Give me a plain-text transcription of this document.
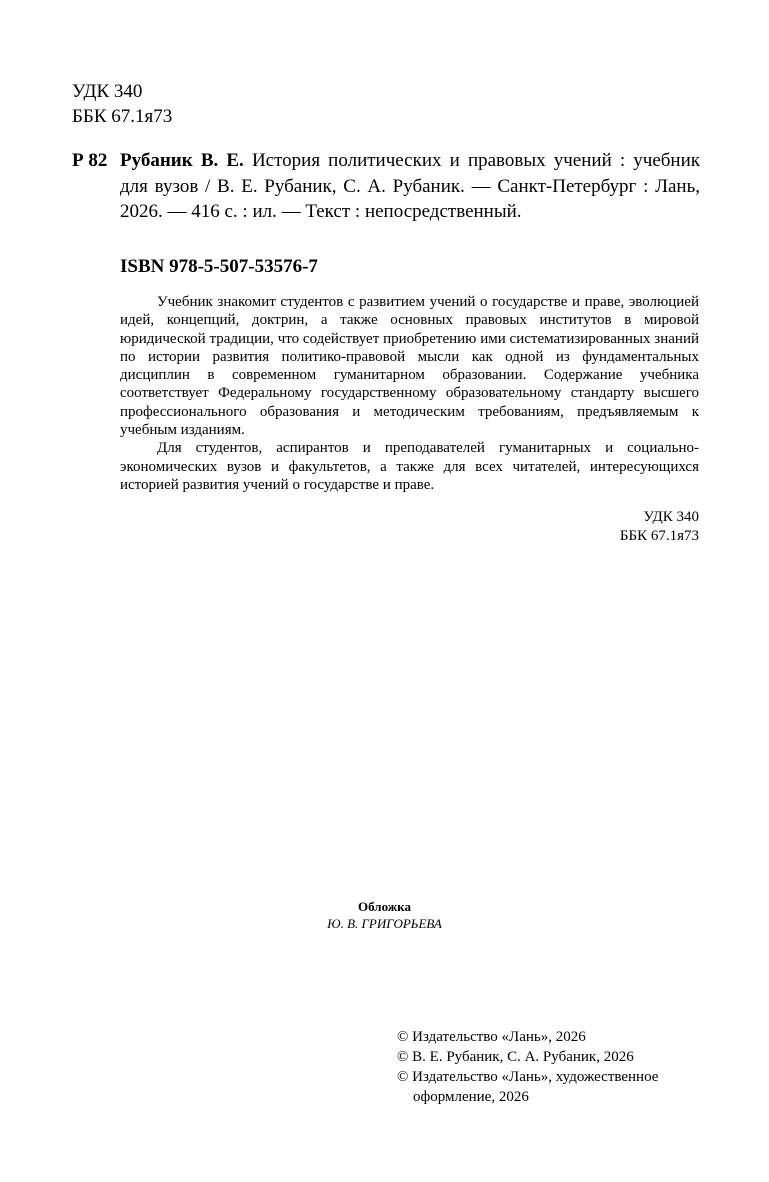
УДК 340
ББК 67.1я73
Р 82 Рубаник В. Е. История политических и правовых учений : учебник для вузов / В. Е. Рубаник, С. А. Рубаник. — Санкт-Петербург : Лань, 2026. — 416 с. : ил. — Текст : непосредственный.
ISBN 978-5-507-53576-7

Учебник знакомит студентов с развитием учений о государстве и праве, эволюцией идей, концепций, доктрин, а также основных правовых институтов в мировой юридической традиции, что содействует приобретению ими систематизированных знаний по истории развития политико-правовой мысли как одной из фундаментальных дисциплин в современном гуманитарном образовании. Содержание учебника соответствует Федеральному государственному образовательному стандарту высшего профессионального образования и методическим требованиям, предъявляемым к учебным изданиям.

Для студентов, аспирантов и преподавателей гуманитарных и социально-экономических вузов и факультетов, а также для всех читателей, интересующихся историей развития учений о государстве и праве.

УДК 340
ББК 67.1я73
Обложка
Ю. В. ГРИГОРЬЕВА
© Издательство «Лань», 2026
© В. Е. Рубаник, С. А. Рубаник, 2026
© Издательство «Лань», художественное
оформление, 2026
